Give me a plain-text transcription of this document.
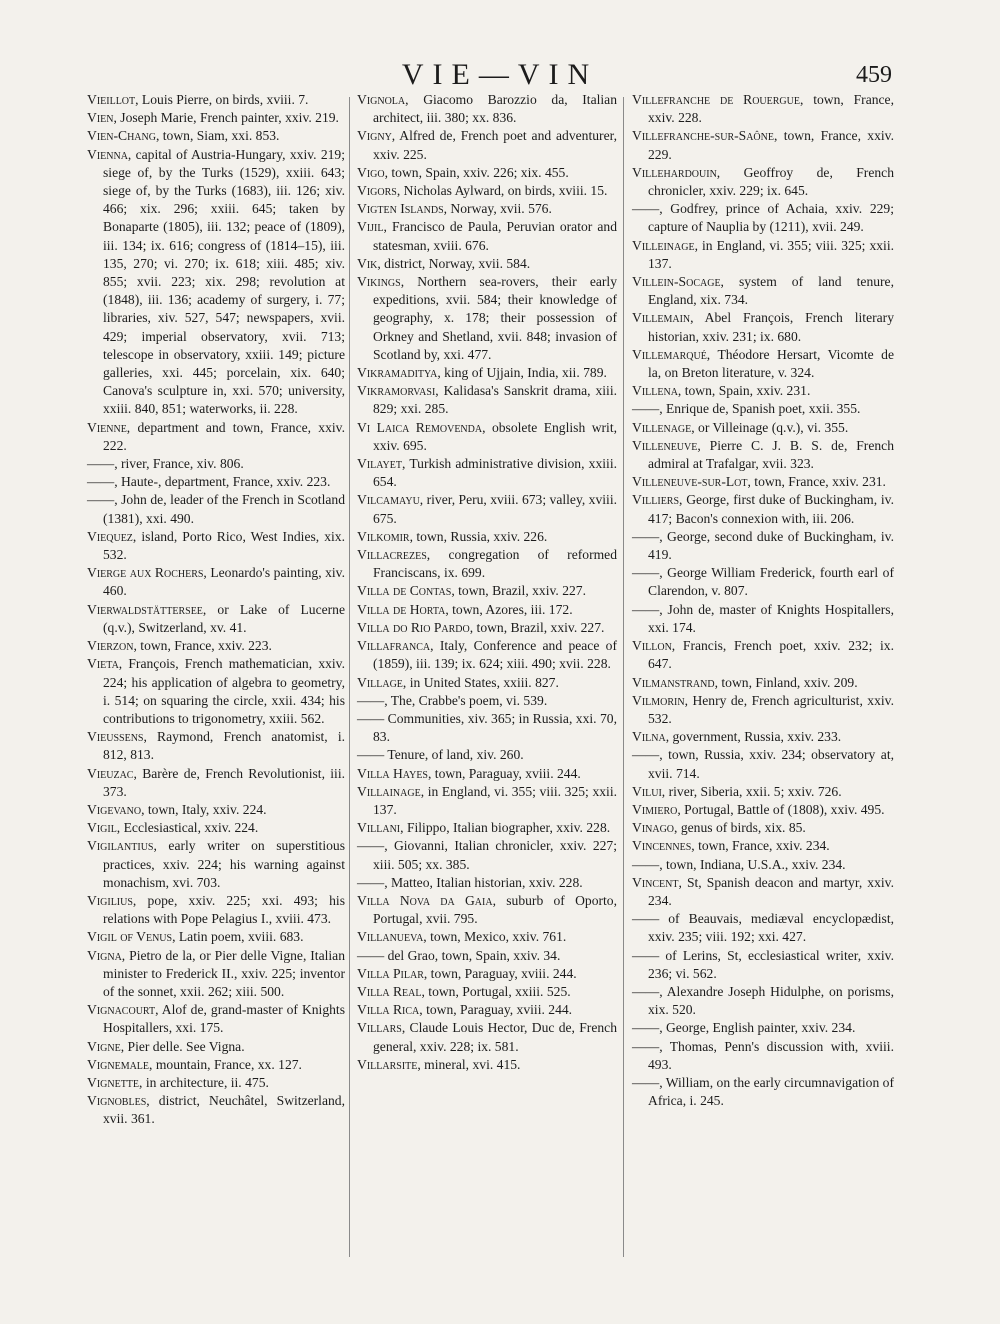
VIE—VIN	459

Vieillot, Louis Pierre, on birds, xviii. 7.

Vien, Joseph Marie, French painter, xxiv. 219.

Vien-Chang, town, Siam, xxi. 853.

Vienna, capital of Austria-Hungary, xxiv. 219; siege of, by the Turks (1529), xxiii. 643; siege of, by the Turks (1683), iii. 126; xiv. 466; xix. 296; xxiii. 645; taken by Bonaparte (1805), iii. 132; peace of (1809), iii. 134; ix. 616; congress of (1814–15), iii. 135, 270; vi. 270; ix. 618; xiii. 485; xiv. 855; xvii. 223; xix. 298; revolution at (1848), iii. 136; academy of surgery, i. 77; libraries, xiv. 527, 547; newspapers, xvii. 429; imperial observatory, xvii. 713; telescope in observatory, xxiii. 149; picture galleries, xxi. 445; porcelain, xix. 640; Canova's sculpture in, xxi. 570; university, xxiii. 840, 851; waterworks, ii. 228.

Vienne, department and town, France, xxiv. 222.

——, river, France, xiv. 806.

——, Haute-, department, France, xxiv. 223.

——, John de, leader of the French in Scotland (1381), xxi. 490.

Viequez, island, Porto Rico, West Indies, xix. 532.

Vierge aux Rochers, Leonardo's painting, xiv. 460.

Vierwaldstättersee, or Lake of Lucerne (q.v.), Switzerland, xv. 41.

Vierzon, town, France, xxiv. 223.

Vieta, François, French mathematician, xxiv. 224; his application of algebra to geometry, i. 514; on squaring the circle, xxii. 434; his contributions to trigonometry, xxiii. 562.

Vieussens, Raymond, French anatomist, i. 812, 813.

Vieuzac, Barère de, French Revolutionist, iii. 373.

Vigevano, town, Italy, xxiv. 224.

Vigil, Ecclesiastical, xxiv. 224.

Vigilantius, early writer on superstitious practices, xxiv. 224; his warning against monachism, xvi. 703.

Vigilius, pope, xxiv. 225; xxi. 493; his relations with Pope Pelagius I., xviii. 473.

Vigil of Venus, Latin poem, xviii. 683.

Vigna, Pietro de la, or Pier delle Vigne, Italian minister to Frederick II., xxiv. 225; inventor of the sonnet, xxii. 262; xiii. 500.

Vignacourt, Alof de, grand-master of Knights Hospitallers, xxi. 175.

Vigne, Pier delle. See Vigna.

Vignemale, mountain, France, xx. 127.

Vignette, in architecture, ii. 475.

Vignobles, district, Neuchâtel, Switzerland, xvii. 361.

Vignola, Giacomo Barozzio da, Italian architect, iii. 380; xx. 836.

Vigny, Alfred de, French poet and adventurer, xxiv. 225.

Vigo, town, Spain, xxiv. 226; xix. 455.

Vigors, Nicholas Aylward, on birds, xviii. 15.

Vigten Islands, Norway, xvii. 576.

Vijil, Francisco de Paula, Peruvian orator and statesman, xviii. 676.

Vik, district, Norway, xvii. 584.

Vikings, Northern sea-rovers, their early expeditions, xvii. 584; their knowledge of geography, x. 178; their possession of Orkney and Shetland, xvii. 848; invasion of Scotland by, xxi. 477.

Vikramaditya, king of Ujjain, India, xii. 789.

Vikramorvasi, Kalidasa's Sanskrit drama, xiii. 829; xxi. 285.

Vi Laica Removenda, obsolete English writ, xxiv. 695.

Vilayet, Turkish administrative division, xxiii. 654.

Vilcamayu, river, Peru, xviii. 673; valley, xviii. 675.

Vilkomir, town, Russia, xxiv. 226.

Villacrezes, congregation of reformed Franciscans, ix. 699.

Villa de Contas, town, Brazil, xxiv. 227.

Villa de Horta, town, Azores, iii. 172.

Villa do Rio Pardo, town, Brazil, xxiv. 227.

Villafranca, Italy, Conference and peace of (1859), iii. 139; ix. 624; xiii. 490; xvii. 228.

Village, in United States, xxiii. 827.

——, The, Crabbe's poem, vi. 539.

—— Communities, xiv. 365; in Russia, xxi. 70, 83.

—— Tenure, of land, xiv. 260.

Villa Hayes, town, Paraguay, xviii. 244.

Villainage, in England, vi. 355; viii. 325; xxii. 137.

Villani, Filippo, Italian biographer, xxiv. 228.

——, Giovanni, Italian chronicler, xxiv. 227; xiii. 505; xx. 385.

——, Matteo, Italian historian, xxiv. 228.

Villa Nova da Gaia, suburb of Oporto, Portugal, xvii. 795.

Villanueva, town, Mexico, xxiv. 761.

—— del Grao, town, Spain, xxiv. 34.

Villa Pilar, town, Paraguay, xviii. 244.

Villa Real, town, Portugal, xxiii. 525.

Villa Rica, town, Paraguay, xviii. 244.

Villars, Claude Louis Hector, Duc de, French general, xxiv. 228; ix. 581.

Villarsite, mineral, xvi. 415.

Villefranche de Rouergue, town, France, xxiv. 228.

Villefranche-sur-Saône, town, France, xxiv. 229.

Villehardouin, Geoffroy de, French chronicler, xxiv. 229; ix. 645.

——, Godfrey, prince of Achaia, xxiv. 229; capture of Nauplia by (1211), xvii. 249.

Villeinage, in England, vi. 355; viii. 325; xxii. 137.

Villein-Socage, system of land tenure, England, xix. 734.

Villemain, Abel François, French literary historian, xxiv. 231; ix. 680.

Villemarqué, Théodore Hersart, Vicomte de la, on Breton literature, v. 324.

Villena, town, Spain, xxiv. 231.

——, Enrique de, Spanish poet, xxii. 355.

Villenage, or Villeinage (q.v.), vi. 355.

Villeneuve, Pierre C. J. B. S. de, French admiral at Trafalgar, xvii. 323.

Villeneuve-sur-Lot, town, France, xxiv. 231.

Villiers, George, first duke of Buckingham, iv. 417; Bacon's connexion with, iii. 206.

——, George, second duke of Buckingham, iv. 419.

——, George William Frederick, fourth earl of Clarendon, v. 807.

——, John de, master of Knights Hospitallers, xxi. 174.

Villon, Francis, French poet, xxiv. 232; ix. 647.

Vilmanstrand, town, Finland, xxiv. 209.

Vilmorin, Henry de, French agriculturist, xxiv. 532.

Vilna, government, Russia, xxiv. 233.

——, town, Russia, xxiv. 234; observatory at, xvii. 714.

Vilui, river, Siberia, xxii. 5; xxiv. 726.

Vimiero, Portugal, Battle of (1808), xxiv. 495.

Vinago, genus of birds, xix. 85.

Vincennes, town, France, xxiv. 234.

——, town, Indiana, U.S.A., xxiv. 234.

Vincent, St, Spanish deacon and martyr, xxiv. 234.

—— of Beauvais, mediæval encyclopædist, xxiv. 235; viii. 192; xxi. 427.

—— of Lerins, St, ecclesiastical writer, xxiv. 236; vi. 562.

——, Alexandre Joseph Hidulphe, on porisms, xix. 520.

——, George, English painter, xxiv. 234.

——, Thomas, Penn's discussion with, xviii. 493.

——, William, on the early circumnavigation of Africa, i. 245.
